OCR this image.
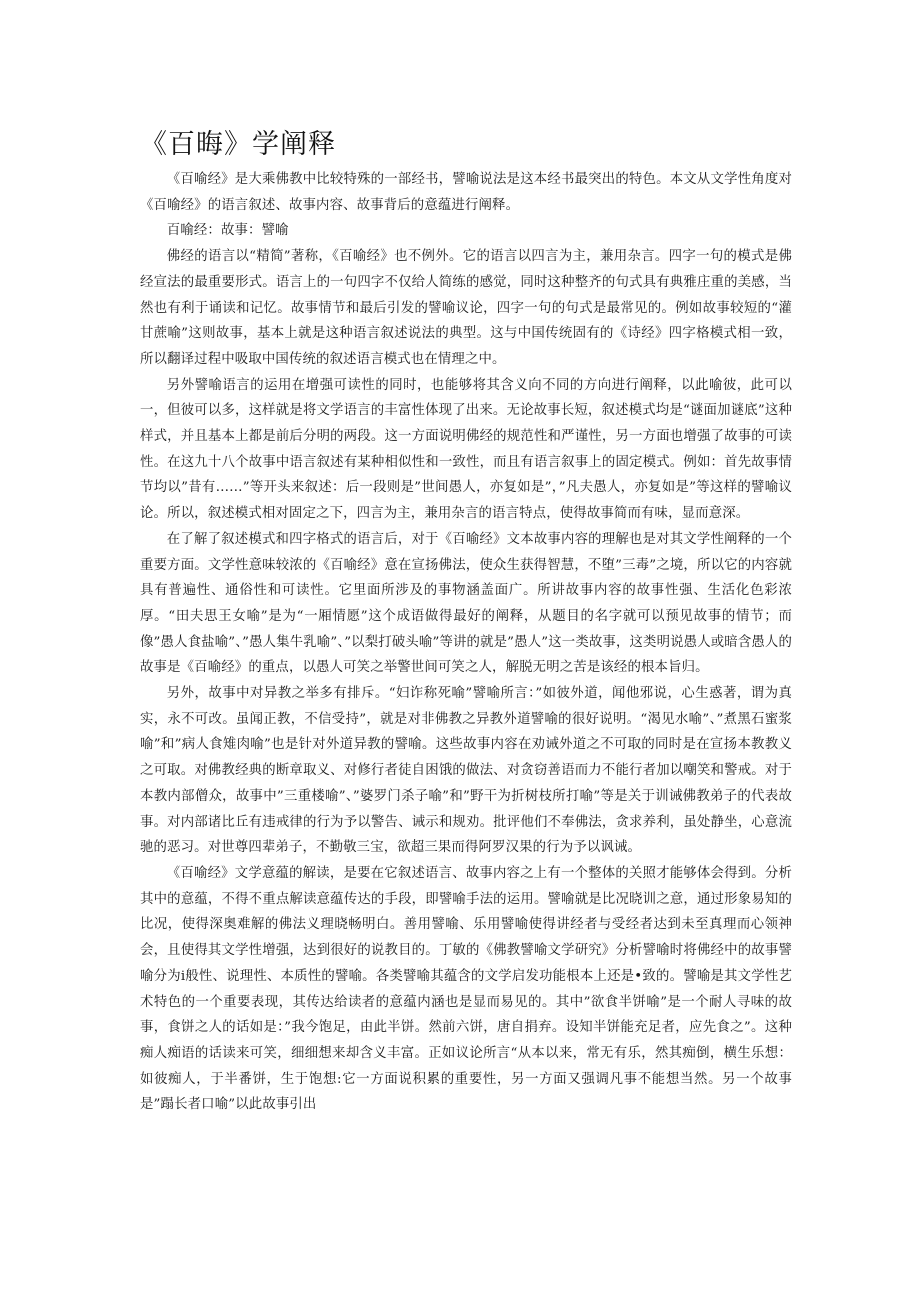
《百晦》学阐释

《百喻经》是大乘佛教中比较特殊的一部经书，譬喻说法是这本经书最突出的特色。本文从文学性角度对《百喻经》的语言叙述、故事内容、故事背后的意蕴进行阐释。

百喻经：故事：譬喻

佛经的语言以“精简”著称，《百喻经》也不例外。它的语言以四言为主，兼用杂言。四字一句的模式是佛经宣法的最重要形式。语言上的一句四字不仅给人简练的感觉，同时这种整齐的句式具有典雅庄重的美感，当然也有利于诵读和记忆。故事情节和最后引发的譬喻议论，四字一句的句式是最常见的。例如故事较短的“灌甘蔗喻”这则故事，基本上就是这种语言叙述说法的典型。这与中国传统固有的《诗经》四字格模式相一致，所以翻译过程中吸取中国传统的叙述语言模式也在情理之中。

另外譬喻语言的运用在增强可读性的同时，也能够将其含义向不同的方向进行阐释，以此喻彼，此可以一，但彼可以多，这样就是将文学语言的丰富性体现了出来。无论故事长短，叙述模式均是“谜面加谜底”这种样式，并且基本上都是前后分明的两段。这一方面说明佛经的规范性和严谨性，另一方面也增强了故事的可读性。在这九十八个故事中语言叙述有某种相似性和一致性，而且有语言叙事上的固定模式。例如：首先故事情节均以”昔有……”等开头来叙述：后一段则是”世间愚人，亦复如是”，”凡夫愚人，亦复如是”等这样的譬喻议论。所以，叙述模式相对固定之下，四言为主，兼用杂言的语言特点，使得故事简而有味，显而意深。

在了解了叙述模式和四字格式的语言后，对于《百喻经》文本故事内容的理解也是对其文学性阐释的一个重要方面。文学性意味较浓的《百喻经》意在宣扬佛法，使众生获得智慧，不堕”三毒”之境，所以它的内容就具有普遍性、通俗性和可读性。它里面所涉及的事物涵盖面广。所讲故事内容的故事性强、生活化色彩浓厚。“田夫思王女喻”是为“一厢情愿”这个成语做得最好的阐释，从题目的名字就可以预见故事的情节；而像”愚人食盐喻”、”愚人集牛乳喻”、”以梨打破头喻”等讲的就是”愚人”这一类故事，这类明说愚人或暗含愚人的故事是《百喻经》的重点，以愚人可笑之举警世间可笑之人，解脱无明之苦是该经的根本旨归。

另外，故事中对异教之举多有排斥。“妇诈称死喻”譬喻所言：”如彼外道，闻他邪说，心生惑著，谓为真实，永不可改。虽闻正教，不信受持”，就是对非佛教之异教外道譬喻的很好说明。“渴见水喻”、”煮黑石蜜浆喻”和”病人食雉肉喻”也是针对外道异教的譬喻。这些故事内容在劝诫外道之不可取的同时是在宣扬本教教义之可取。对佛教经典的断章取义、对修行者徒自困饿的做法、对贪窃善语而力不能行者加以嘲笑和警戒。对于本教内部僧众，故事中”三重楼喻”、”婆罗门杀子喻”和”野干为折树枝所打喻”等是关于训诫佛教弟子的代表故事。对内部诸比丘有违戒律的行为予以警告、诫示和规劝。批评他们不奉佛法，贪求养利，虽处静坐，心意流驰的恶习。对世尊四辈弟子，不勤敬三宝，欲超三果而得阿罗汉果的行为予以讽诫。

《百喻经》文学意蕴的解读，是要在它叙述语言、故事内容之上有一个整体的关照才能够体会得到。分析其中的意蕴，不得不重点解读意蕴传达的手段，即譬喻手法的运用。譬喻就是比况晓训之意，通过形象易知的比况，使得深奥难解的佛法义理晓畅明白。善用譬喻、乐用譬喻使得讲经者与受经者达到未至真理而心领神会，且使得其文学性增强，达到很好的说教目的。丁敏的《佛教譬喻文学研究》分析譬喻时将佛经中的故事譬喻分为i般性、说理性、本质性的譬喻。各类譬喻其蕴含的文学启发功能根本上还是•致的。譬喻是其文学性艺术特色的一个重要表现，其传达给读者的意蕴内涵也是显而易见的。其中”欲食半饼喻”是一个耐人寻味的故事，食饼之人的话如是：”我今饱足，由此半饼。然前六饼，唐自捐弃。设知半饼能充足者，应先食之”。这种痴人痴语的话读来可笑，细细想来却含义丰富。正如议论所言“从本以来，常无有乐，然其痴倒，横生乐想：如彼痴人，于半番饼，生于饱想:它一方面说积累的重要性，另一方面又强调凡事不能想当然。另一个故事是”蹋长者口喻”以此故事引出
